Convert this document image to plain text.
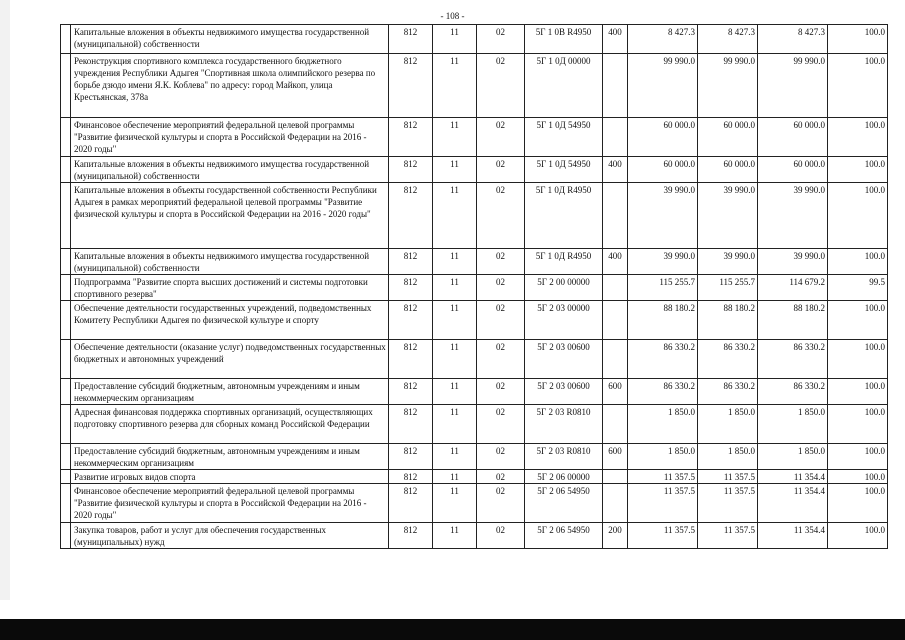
- 108 -
	Капитальные вложения в объекты недвижимого имущества государственной (муниципальной) собственности	812	11	02	5Г 1 0В R4950	400	8 427.3	8 427.3	8 427.3	100.0
	Реконструкция спортивного комплекса государственного бюджетного учреждения Республики Адыгея "Спортивная школа олимпийского резерва по борьбе дзюдо имени Я.К. Коблева" по адресу: город Майкоп, улица Крестьянская, 378а	812	11	02	5Г 1 0Д 00000		99 990.0	99 990.0	99 990.0	100.0
	Финансовое обеспечение мероприятий федеральной целевой программы "Развитие физической культуры и спорта в Российской Федерации на 2016 - 2020 годы"	812	11	02	5Г 1 0Д 54950		60 000.0	60 000.0	60 000.0	100.0
	Капитальные вложения в объекты недвижимого имущества государственной (муниципальной) собственности	812	11	02	5Г 1 0Д 54950	400	60 000.0	60 000.0	60 000.0	100.0
	Капитальные вложения в объекты государственной собственности Республики Адыгея в рамках мероприятий федеральной целевой программы "Развитие физической культуры и спорта в Российской Федерации на 2016 - 2020 годы"	812	11	02	5Г 1 0Д R4950		39 990.0	39 990.0	39 990.0	100.0
	Капитальные вложения в объекты недвижимого имущества государственной (муниципальной) собственности	812	11	02	5Г 1 0Д R4950	400	39 990.0	39 990.0	39 990.0	100.0
	Подпрограмма "Развитие спорта высших достижений и системы подготовки спортивного резерва"	812	11	02	5Г 2 00 00000		115 255.7	115 255.7	114 679.2	99.5
	Обеспечение деятельности государственных учреждений, подведомственных Комитету Республики Адыгея по физической культуре и спорту	812	11	02	5Г 2 03 00000		88 180.2	88 180.2	88 180.2	100.0
	Обеспечение деятельности (оказание услуг) подведомственных государственных бюджетных и автономных учреждений	812	11	02	5Г 2 03 00600		86 330.2	86 330.2	86 330.2	100.0
	Предоставление субсидий бюджетным, автономным учреждениям и иным некоммерческим организациям	812	11	02	5Г 2 03 00600	600	86 330.2	86 330.2	86 330.2	100.0
	Адресная финансовая поддержка спортивных организаций, осуществляющих подготовку спортивного резерва для сборных команд Российской Федерации	812	11	02	5Г 2 03 R0810		1 850.0	1 850.0	1 850.0	100.0
	Предоставление субсидий бюджетным, автономным учреждениям и иным некоммерческим организациям	812	11	02	5Г 2 03 R0810	600	1 850.0	1 850.0	1 850.0	100.0
	Развитие игровых видов спорта	812	11	02	5Г 2 06 00000		11 357.5	11 357.5	11 354.4	100.0
	Финансовое обеспечение мероприятий федеральной целевой программы "Развитие физической культуры и спорта в Российской Федерации на 2016 - 2020 годы"	812	11	02	5Г 2 06 54950		11 357.5	11 357.5	11 354.4	100.0
	Закупка товаров, работ и услуг для обеспечения государственных (муниципальных) нужд	812	11	02	5Г 2 06 54950	200	11 357.5	11 357.5	11 354.4	100.0
